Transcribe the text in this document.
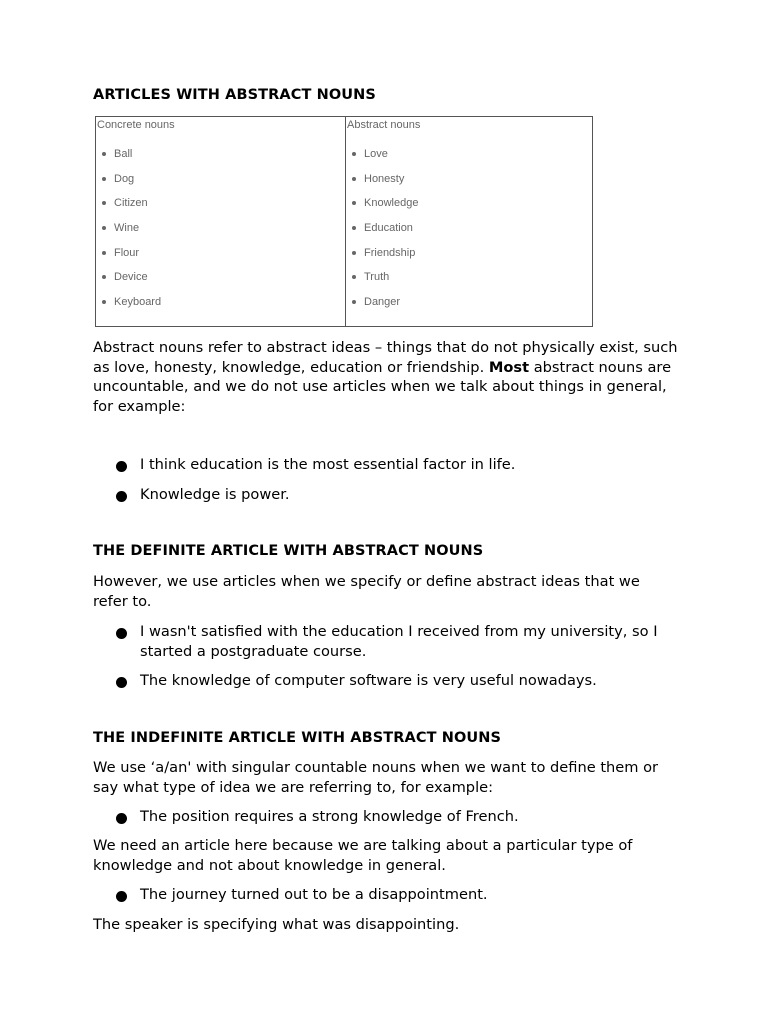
ARTICLES WITH ABSTRACT NOUNS
Concrete nouns
Ball
Dog
Citizen
Wine
Flour
Device
Keyboard
Abstract nouns
Love
Honesty
Knowledge
Education
Friendship
Truth
Danger

Abstract nouns refer to abstract ideas – things that do not physically exist, such as love, honesty, knowledge, education or friendship. Most abstract nouns are uncountable, and we do not use articles when we talk about things in general, for example:

I think education is the most essential factor in life.
Knowledge is power.
THE DEFINITE ARTICLE WITH ABSTRACT NOUNS

However, we use articles when we specify or define abstract ideas that we refer to.

I wasn't satisfied with the education I received from my university, so I started a postgraduate course.
The knowledge of computer software is very useful nowadays.
THE INDEFINITE ARTICLE WITH ABSTRACT NOUNS

We use ‘a/an' with singular countable nouns when we want to define them or say what type of idea we are referring to, for example:

The position requires a strong knowledge of French.

We need an article here because we are talking about a particular type of knowledge and not about knowledge in general.

The journey turned out to be a disappointment.

The speaker is specifying what was disappointing.
